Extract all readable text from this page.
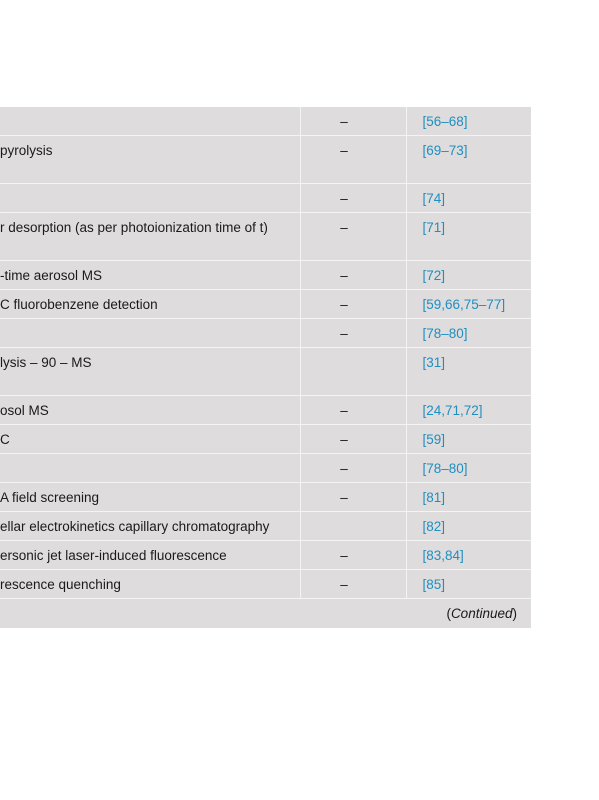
	–	[56–68]
pyrolysis	–	[69–73]
	–	[74]
r desorption (as per photoionization time of t)	–	[71]
-time aerosol MS	–	[72]
C fluorobenzene detection	–	[59,66,75–77]
	–	[78–80]
lysis – 90 – MS		[31]
osol MS	–	[24,71,72]
C	–	[59]
	–	[78–80]
A field screening	–	[81]
ellar electrokinetics capillary chromatography		[82]
ersonic jet laser-induced fluorescence	–	[83,84]
rescence quenching	–	[85]
(Continued)		
